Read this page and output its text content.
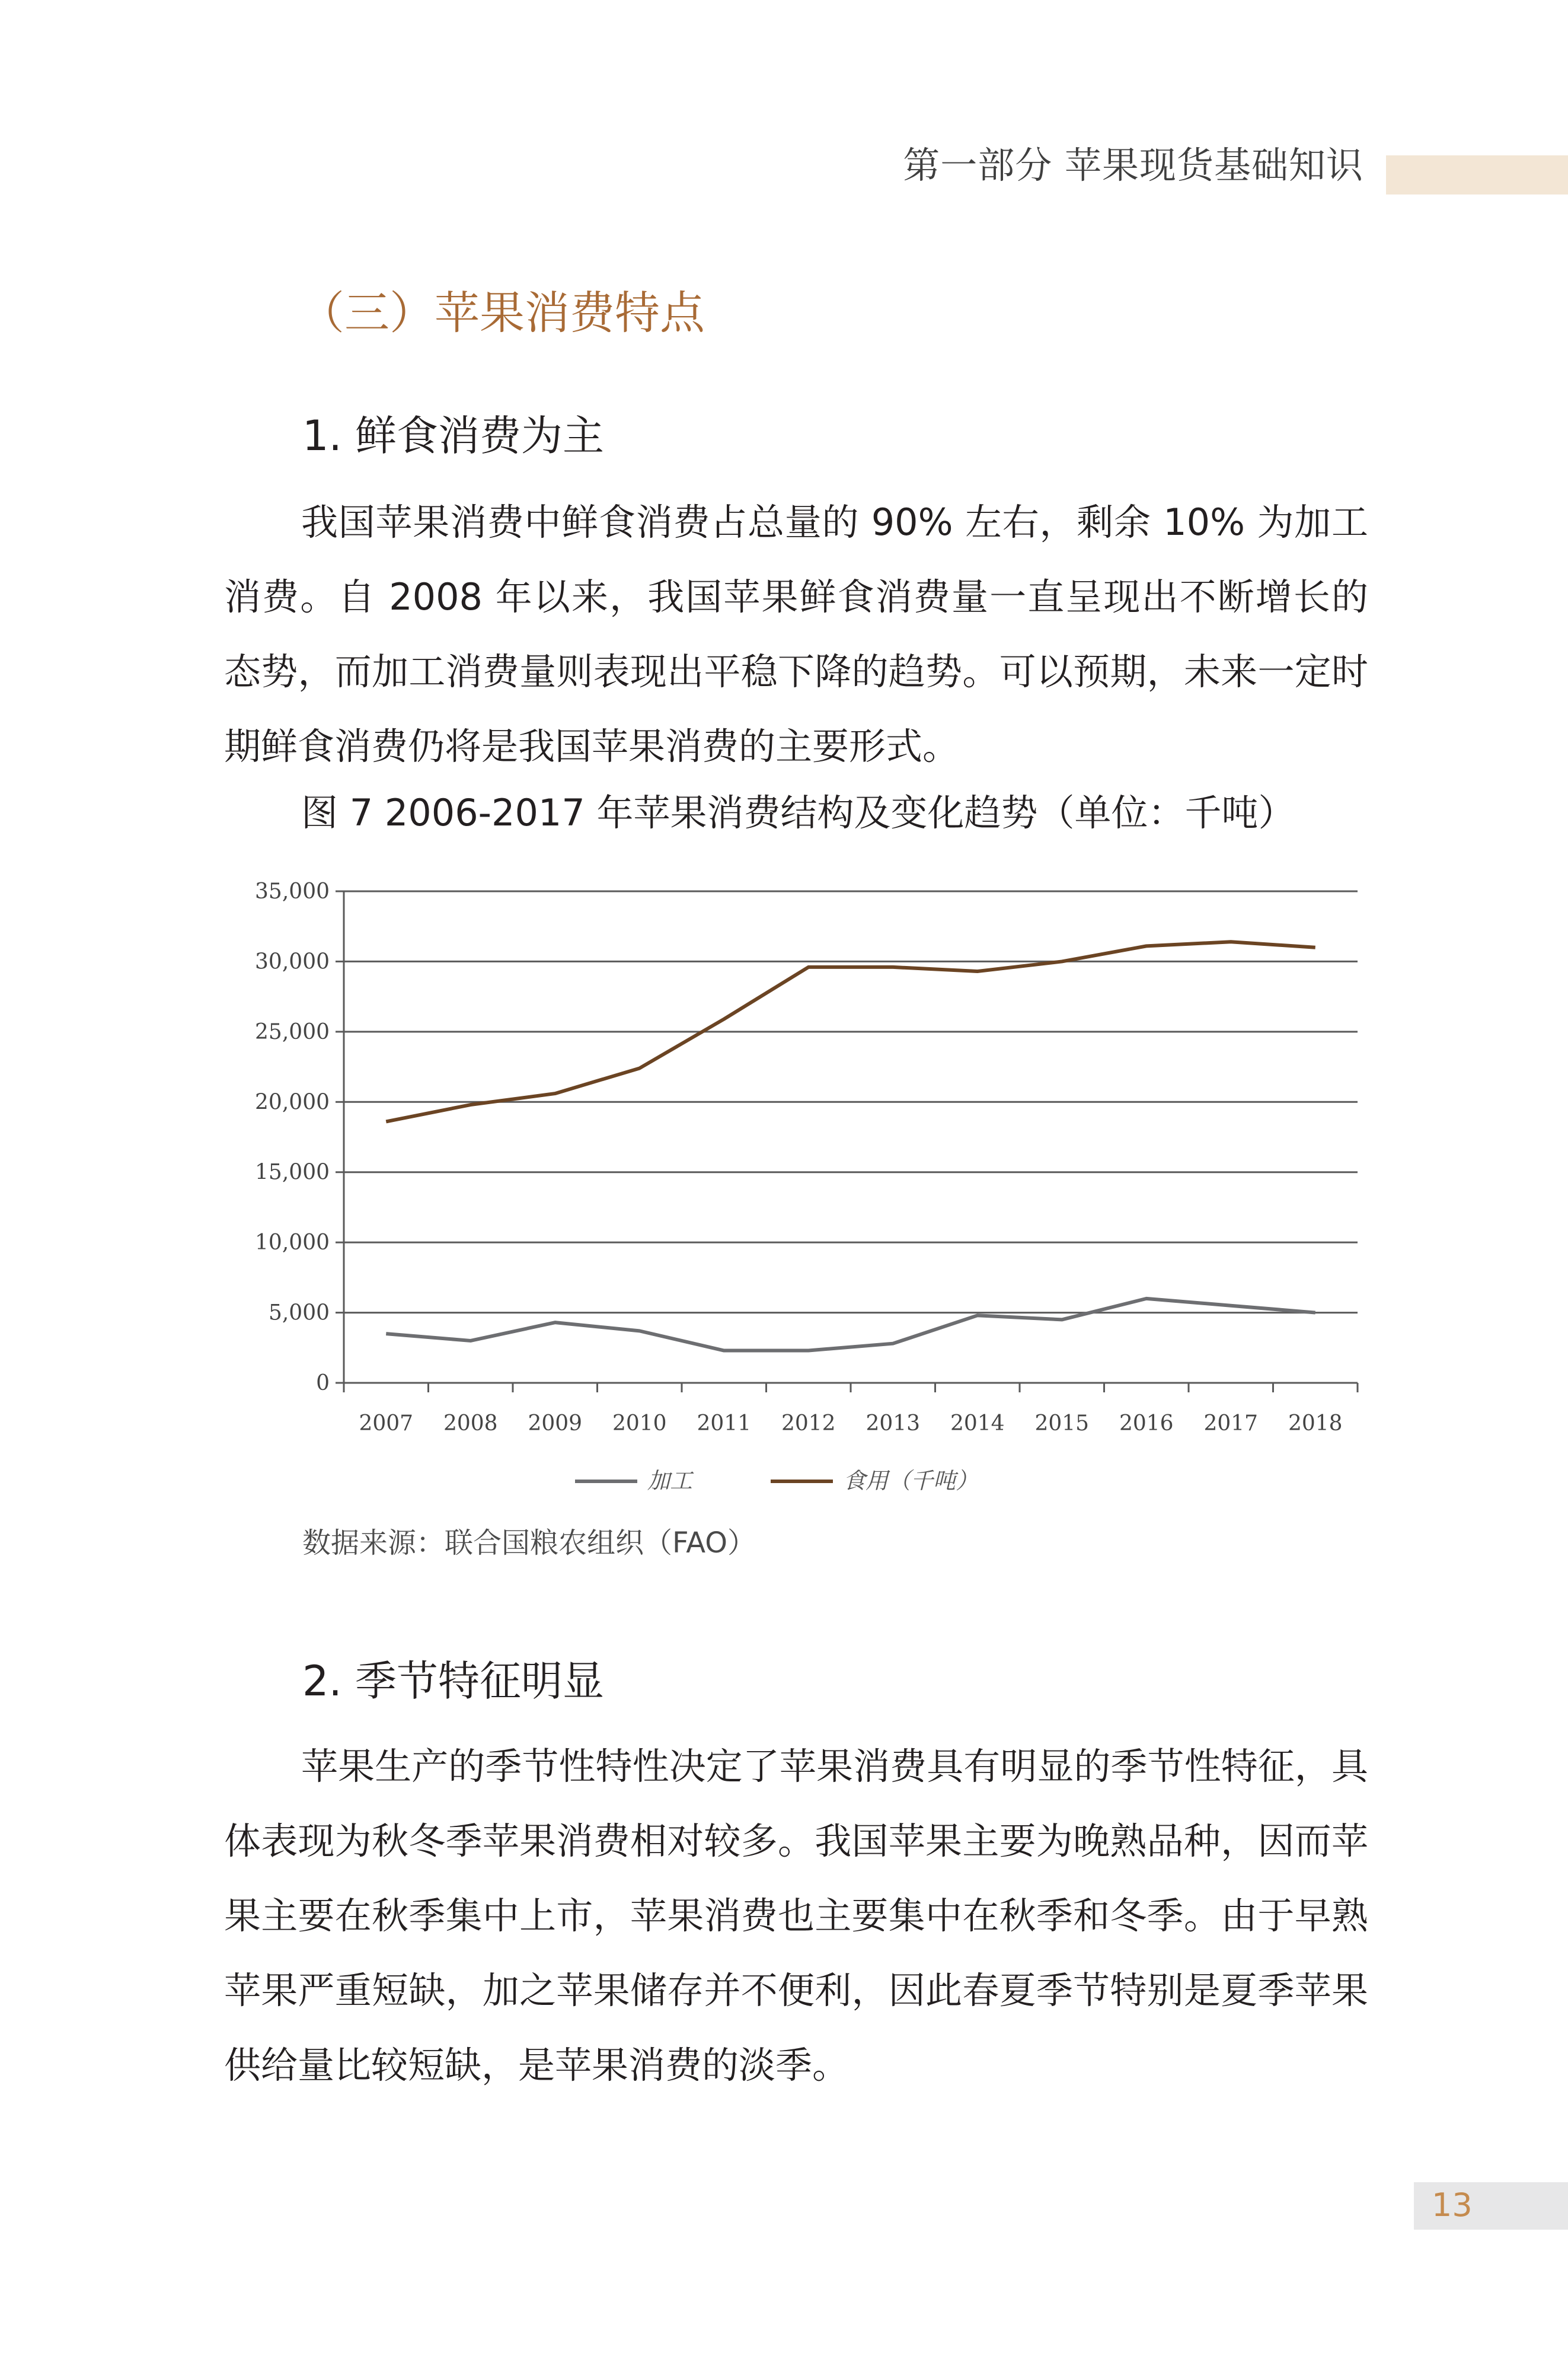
第一部分 苹果现货基础知识
（三）苹果消费特点
1. 鲜食消费为主

我国苹果消费中鲜食消费占总量的 90% 左右，剩余 10% 为加工消费。自 2008 年以来，我国苹果鲜食消费量一直呈现出不断增长的态势，而加工消费量则表现出平稳下降的趋势。可以预期，未来一定时期鲜食消费仍将是我国苹果消费的主要形式。

图 7 2006-2017 年苹果消费结构及变化趋势（单位：千吨）
0
5,000
10,000
15,000
20,000
25,000
30,000
35,000
2007 2008 2009 2010 2011 2012 2013 2014 2015 2016 2017 2018
加工	食用（千吨）
数据来源：联合国粮农组织（FAO）
2. 季节特征明显

苹果生产的季节性特性决定了苹果消费具有明显的季节性特征，具体表现为秋冬季苹果消费相对较多。我国苹果主要为晚熟品种，因而苹果主要在秋季集中上市，苹果消费也主要集中在秋季和冬季。由于早熟苹果严重短缺，加之苹果储存并不便利，因此春夏季节特别是夏季苹果供给量比较短缺，是苹果消费的淡季。

13
